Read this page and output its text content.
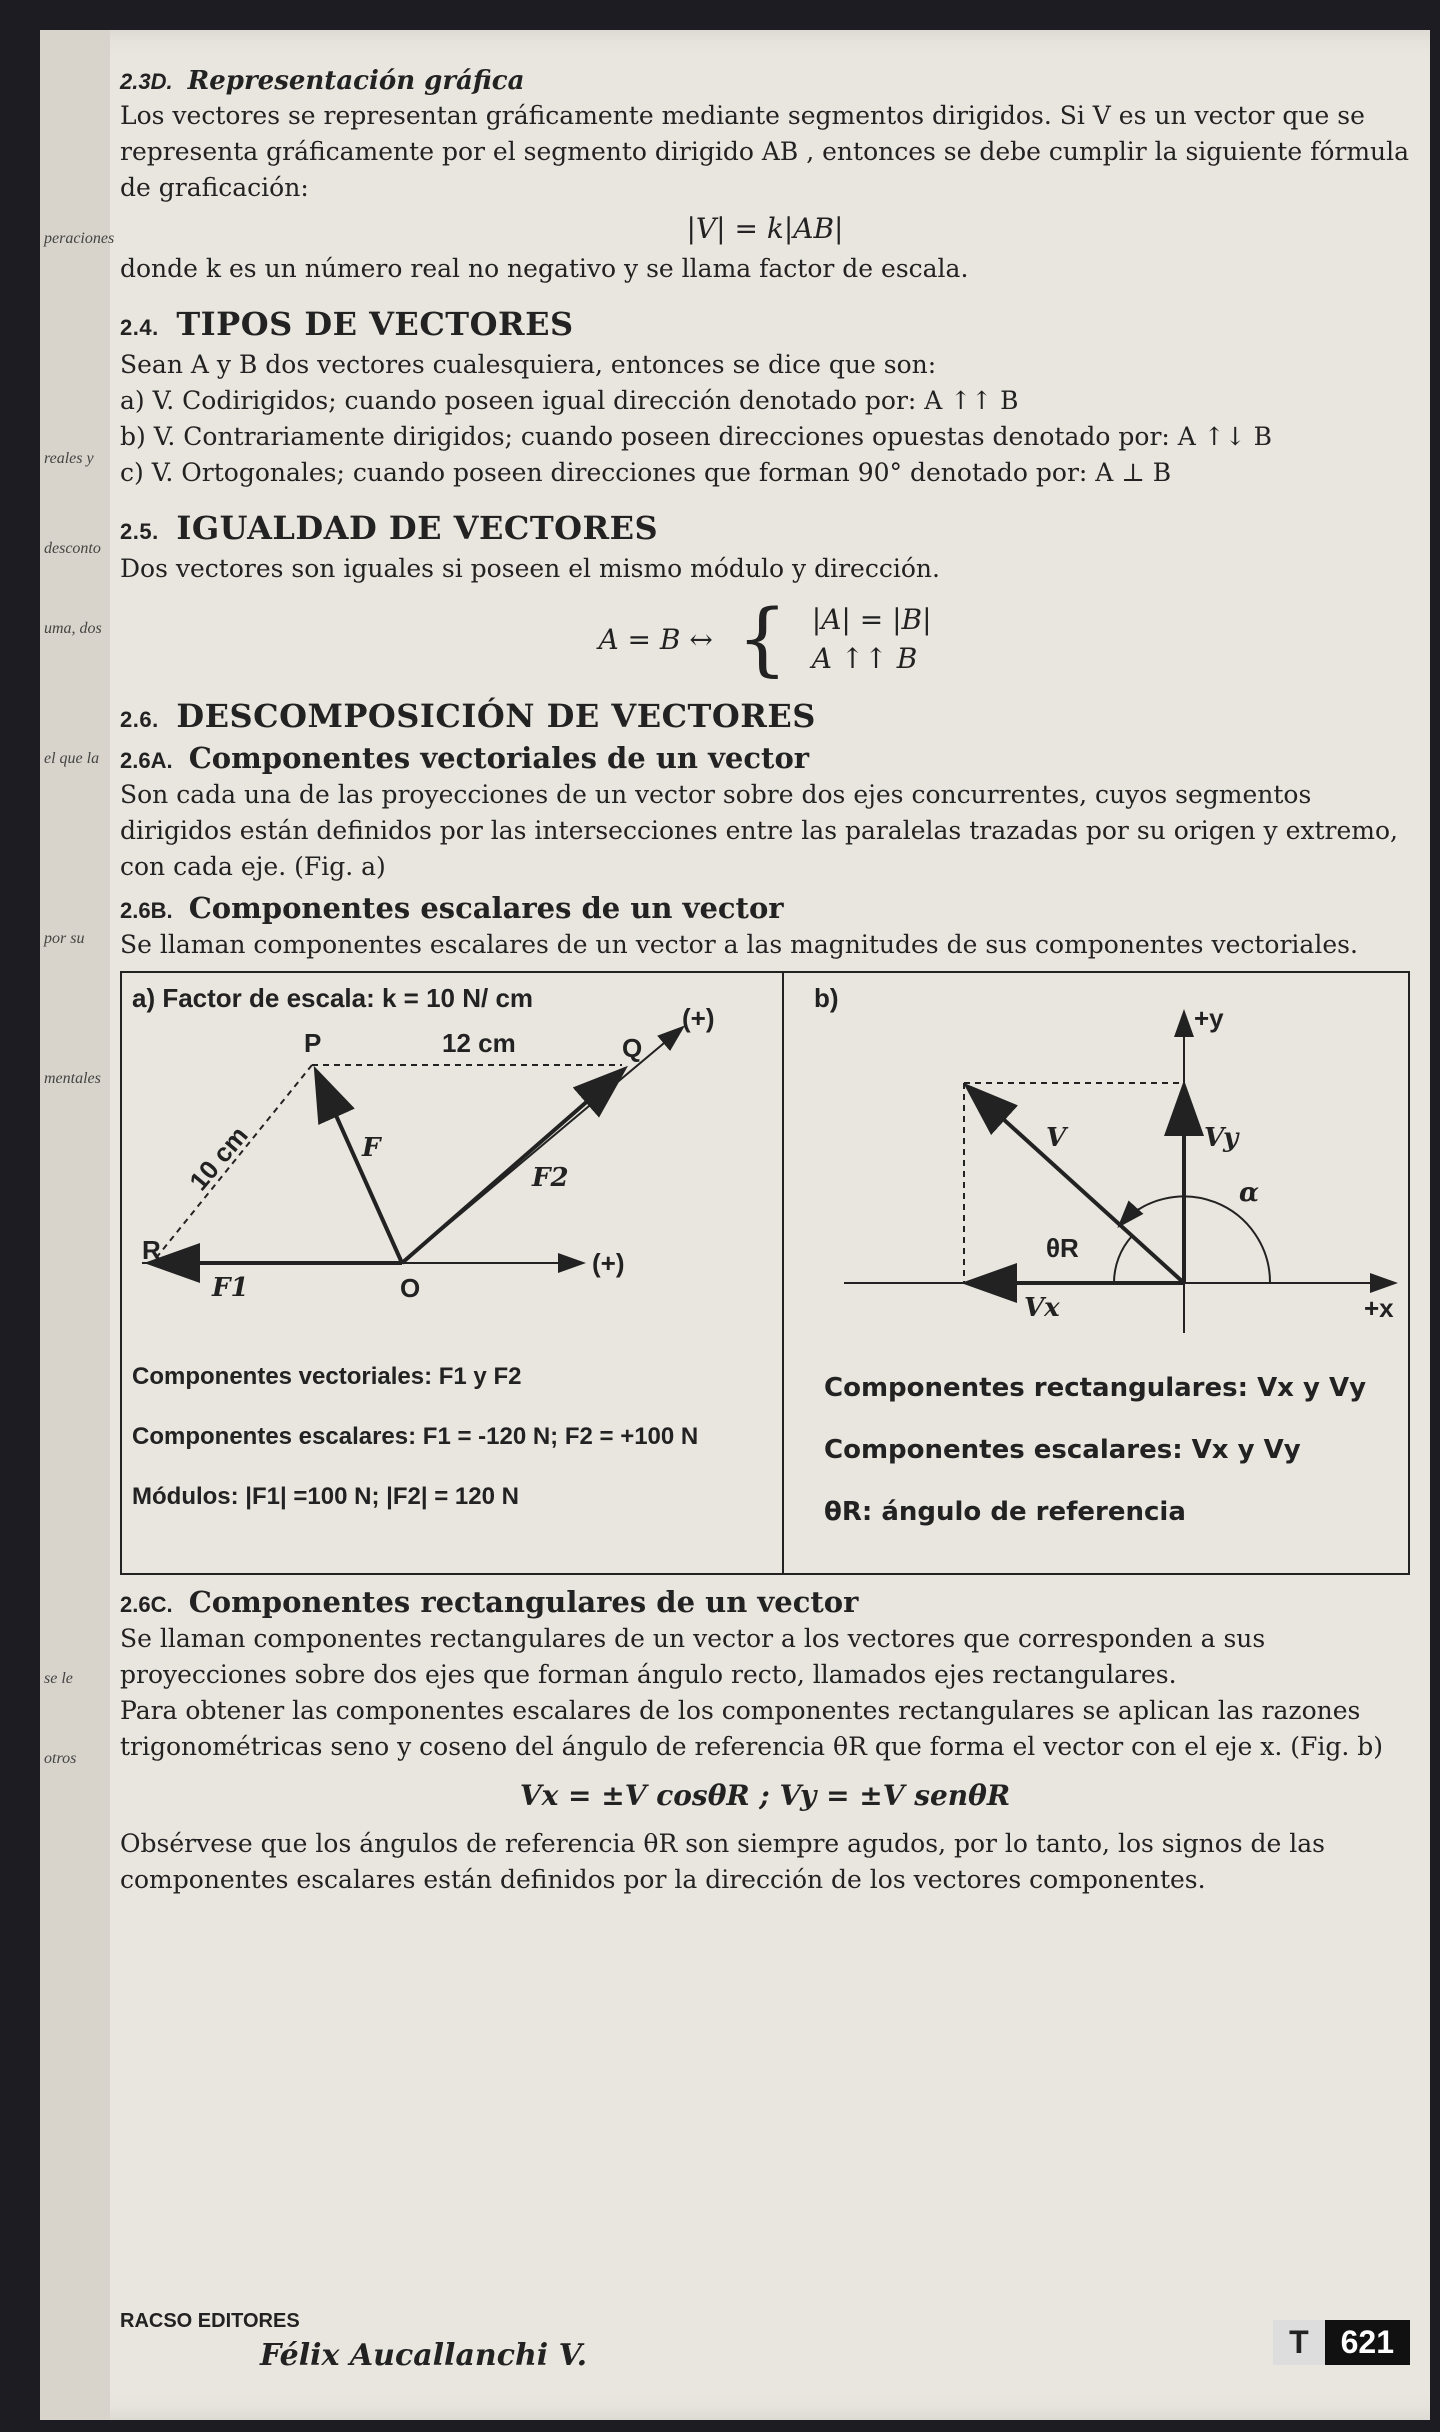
peraciones
reales y
desconto
uma, dos
el que la
por su
mentales
otros
se le
2.3D. Representación gráfica

Los vectores se representan gráficamente mediante segmentos dirigidos. Si V es un vector que se representa gráficamente por el segmento dirigido AB , entonces se debe cumplir la siguiente fórmula de graficación:

|V| = k|AB|

donde k es un número real no negativo y se llama factor de escala.

2.4. TIPOS DE VECTORES

Sean A y B dos vectores cualesquiera, entonces se dice que son:

a) V. Codirigidos; cuando poseen igual dirección denotado por: A ↑↑ B

b) V. Contrariamente dirigidos; cuando poseen direcciones opuestas denotado por: A ↑↓ B

c) V. Ortogonales; cuando poseen direcciones que forman 90° denotado por: A ⊥ B

2.5. IGUALDAD DE VECTORES

Dos vectores son iguales si poseen el mismo módulo y dirección.

A = B ↔ { |A| = |B|
A ↑↑ B
2.6. DESCOMPOSICIÓN DE VECTORES
2.6A. Componentes vectoriales de un vector

Son cada una de las proyecciones de un vector sobre dos ejes concurrentes, cuyos segmentos dirigidos están definidos por las intersecciones entre las paralelas trazadas por su origen y extremo, con cada eje. (Fig. a)

2.6B. Componentes escalares de un vector

Se llaman componentes escalares de un vector a las magnitudes de sus componentes vectoriales.

a) Factor de escala: k = 10 N/ cm
P	Q
R
O
12 cm
10 cm	F
F2
F1
(+)
(+)
Componentes vectoriales: F1 y F2
Componentes escalares: F1 = -120 N; F2 = +100 N
Módulos: |F1| =100 N; |F2| = 120 N
b)
+y
+x
V	Vy
Vx
α
θR
Componentes rectangulares: Vx y Vy
Componentes escalares: Vx y Vy
θR: ángulo de referencia
2.6C. Componentes rectangulares de un vector

Se llaman componentes rectangulares de un vector a los vectores que corresponden a sus proyecciones sobre dos ejes que forman ángulo recto, llamados ejes rectangulares.

Para obtener las componentes escalares de los componentes rectangulares se aplican las razones trigonométricas seno y coseno del ángulo de referencia θR que forma el vector con el eje x. (Fig. b)

Vx = ±V cosθR ; Vy = ±V senθR

Obsérvese que los ángulos de referencia θR son siempre agudos, por lo tanto, los signos de las componentes escalares están definidos por la dirección de los vectores componentes.

RACSO EDITORES
Félix Aucallanchi V.	T	621
